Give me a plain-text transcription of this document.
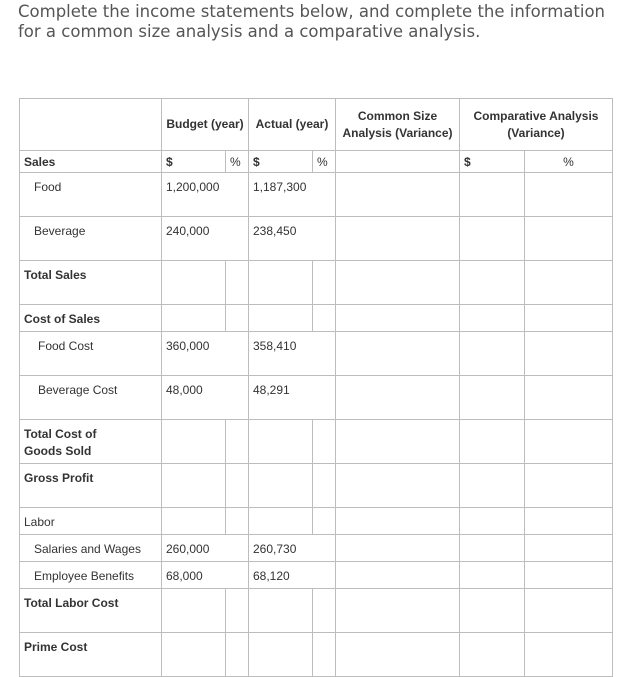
Complete the income statements below, and complete the information
for a common size analysis and a comparative analysis.
	Budget (year)		Actual (year)		Common Size Analysis (Variance)	Comparative Analysis (Variance)	

Sales	$	%	$	%		$	%

Food	1,200,000		1,187,300				

Beverage	240,000		238,450				

Total Sales							

Cost of Sales							

Food Cost	360,000		358,410				

Beverage Cost	48,000		48,291				

Total Cost of Goods Sold							

Gross Profit							

Labor							

Salaries and Wages	260,000		260,730				

Employee Benefits	68,000		68,120				

Total Labor Cost							

Prime Cost							
